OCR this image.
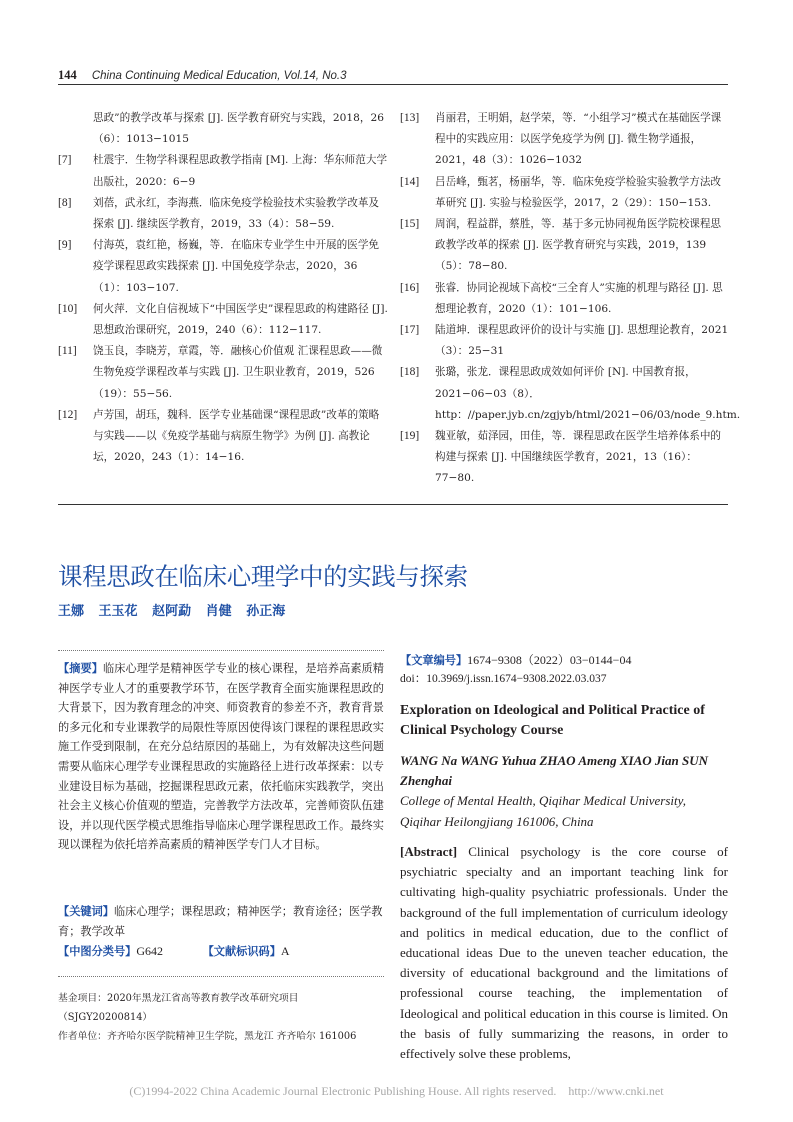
144 China Continuing Medical Education, Vol.14, No.3
思政”的教学改革与探索 [J]. 医学教育研究与实践，2018，26（6）：1013−1015
[7] 杜震宇．生物学科课程思政教学指南 [M]. 上海：华东师范大学出版社，2020：6−9
[8] 刘蓓，武永红，李海燕．临床免疫学检验技术实验教学改革及探索 [J]. 继续医学教育，2019，33（4）：58−59.
[9] 付海英，袁红艳，杨巍，等．在临床专业学生中开展的医学免疫学课程思政实践探索 [J]. 中国免疫学杂志，2020，36（1）：103−107.
[10] 何火萍．文化自信视域下“中国医学史”课程思政的构建路径 [J]. 思想政治课研究，2019，240（6）：112−117.
[11] 饶玉良，李晓芳，章霞，等．融核心价值观 汇课程思政——微生物免疫学课程改革与实践 [J]. 卫生职业教育，2019，526（19）：55−56.
[12] 卢芳国，胡珏，魏科．医学专业基础课“课程思政”改革的策略与实践——以《免疫学基础与病原生物学》为例 [J]. 高教论坛，2020，243（1）：14−16.
[13] 肖丽君，王明娟，赵学荣，等．“小组学习”模式在基础医学课程中的实践应用：以医学免疫学为例 [J]. 微生物学通报，2021，48（3）：1026−1032
[14] 吕岳峰，甄茗，杨丽华，等．临床免疫学检验实验教学方法改革研究 [J]. 实验与检验医学，2017，2（29）：150−153.
[15] 周润，程益群，蔡胜，等．基于多元协同视角医学院校课程思政教学改革的探索 [J]. 医学教育研究与实践，2019，139（5）：78−80.
[16] 张睿．协同论视域下高校“三全育人”实施的机理与路径 [J]. 思想理论教育，2020（1）：101−106.
[17] 陆道坤．课程思政评价的设计与实施 [J]. 思想理论教育，2021（3）：25−31
[18] 张璐，张龙．课程思政成效如何评价 [N]. 中国教育报，2021−06−03（8）．http：//paper.jyb.cn/zgjyb/html/2021−06/03/node_9.htm.
[19] 魏亚敏，茹泽园，田佳，等．课程思政在医学生培养体系中的构建与探索 [J]. 中国继续医学教育，2021，13（16）：77−80.
课程思政在临床心理学中的实践与探索
王娜 王玉花 赵阿勐 肖健 孙正海
【摘要】临床心理学是精神医学专业的核心课程，是培养高素质精神医学专业人才的重要教学环节，在医学教育全面实施课程思政的大背景下，因为教育理念的冲突、师资教育的参差不齐，教育背景的多元化和专业课教学的局限性等原因使得该门课程的课程思政实施工作受到限制，在充分总结原因的基础上，为有效解决这些问题需要从临床心理学专业课程思政的实施路径上进行改革探索：以专业建设目标为基础，挖掘课程思政元素，依托临床实践教学，突出社会主义核心价值观的塑造，完善教学方法改革，完善师资队伍建设，并以现代医学模式思维指导临床心理学课程思政工作。最终实现以课程为依托培养高素质的精神医学专门人才目标。
【关键词】临床心理学；课程思政；精神医学；教育途径；医学教育；教学改革
【中图分类号】G642	【文献标识码】A
基金项目：2020年黑龙江省高等教育教学改革研究项目（SJGY20200814）
作者单位：齐齐哈尔医学院精神卫生学院，黑龙江 齐齐哈尔 161006
【文章编号】1674−9308（2022）03−0144−04
doi：10.3969/j.issn.1674−9308.2022.03.037
Exploration on Ideological and Political Practice of Clinical Psychology Course
WANG Na WANG Yuhua ZHAO Ameng XIAO Jian SUN Zhenghai
College of Mental Health, Qiqihar Medical University, Qiqihar Heilongjiang 161006, China
[Abstract] Clinical psychology is the core course of psychiatric specialty and an important teaching link for cultivating high-quality psychiatric professionals. Under the background of the full implementation of curriculum ideology and politics in medical education, due to the conflict of educational ideas Due to the uneven teacher education, the diversity of educational background and the limitations of professional course teaching, the implementation of Ideological and political education in this course is limited. On the basis of fully summarizing the reasons, in order to effectively solve these problems,
(C)1994-2022 China Academic Journal Electronic Publishing House. All rights reserved.　http://www.cnki.net
